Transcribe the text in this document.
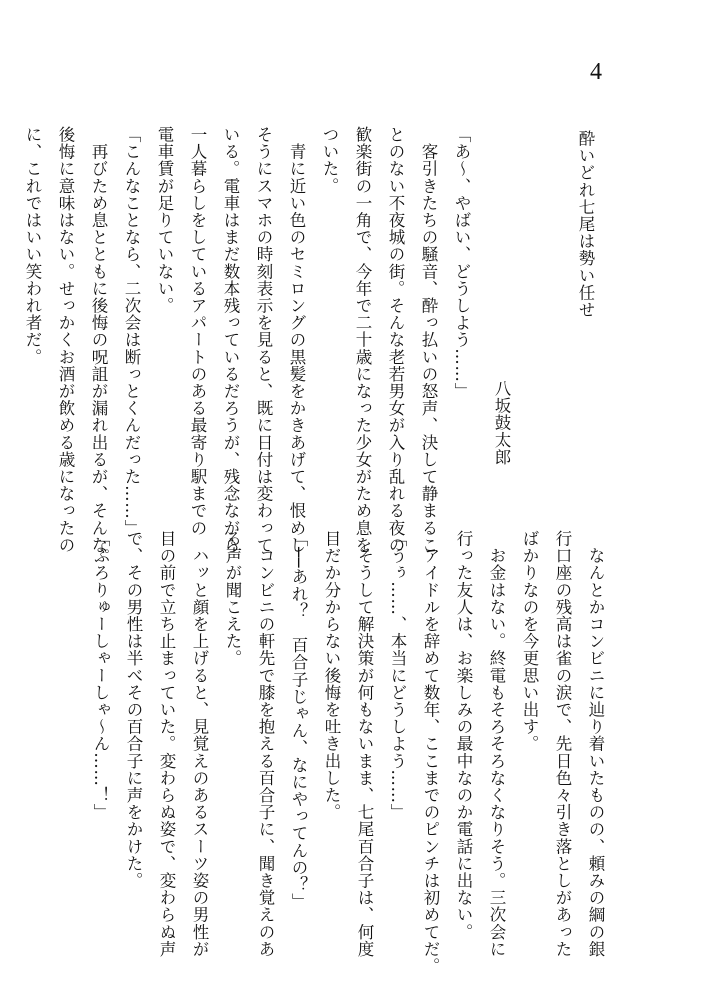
4
酔いどれ七尾は勢い任せ
八坂鼓太郎
「あ〜、やばい、どうしよう……」
　客引きたちの騒音、酔っ払いの怒声、決して静まるこ
とのない不夜城の街。そんな老若男女が入り乱れる夜の
歓楽街の一角で、今年で二十歳になった少女がため息を
ついた。
　青に近い色のセミロングの黒髪をかきあげて、恨めし
そうにスマホの時刻表示を見ると、既に日付は変わって
いる。電車はまだ数本残っているだろうが、残念ながら
一人暮らしをしているアパートのある最寄り駅までの
電車賃が足りていない。
「こんなことなら、二次会は断っとくんだった……」
　再びため息とともに後悔の呪詛が漏れ出るが、そんな
後悔に意味はない。せっかくお酒が飲める歳になったの
に、これではいい笑われ者だ。
　なんとかコンビニに辿り着いたものの、頼みの綱の銀
行口座の残高は雀の涙で、先日色々引き落としがあった
ばかりなのを今更思い出す。
　お金はない。終電もそろそろなくなりそう。三次会に
行った友人は、お楽しみの最中なのか電話に出ない。
　アイドルを辞めて数年、ここまでのピンチは初めてだ。
「うぅ……、本当にどうしよう……」
　そうして解決策が何もないまま、七尾百合子は、何度
目だか分からない後悔を吐き出した。
「──あれ？　百合子じゃん、なにやってんの？」
　コンビニの軒先で膝を抱える百合子に、聞き覚えのあ
る声が聞こえた。
　ハッと顔を上げると、見覚えのあるスーツ姿の男性が
目の前で立ち止まっていた。変わらぬ姿で、変わらぬ声
で、その男性は半べその百合子に声をかけた。
「ぷろりゅーしゃーしゃ〜ん……！」
